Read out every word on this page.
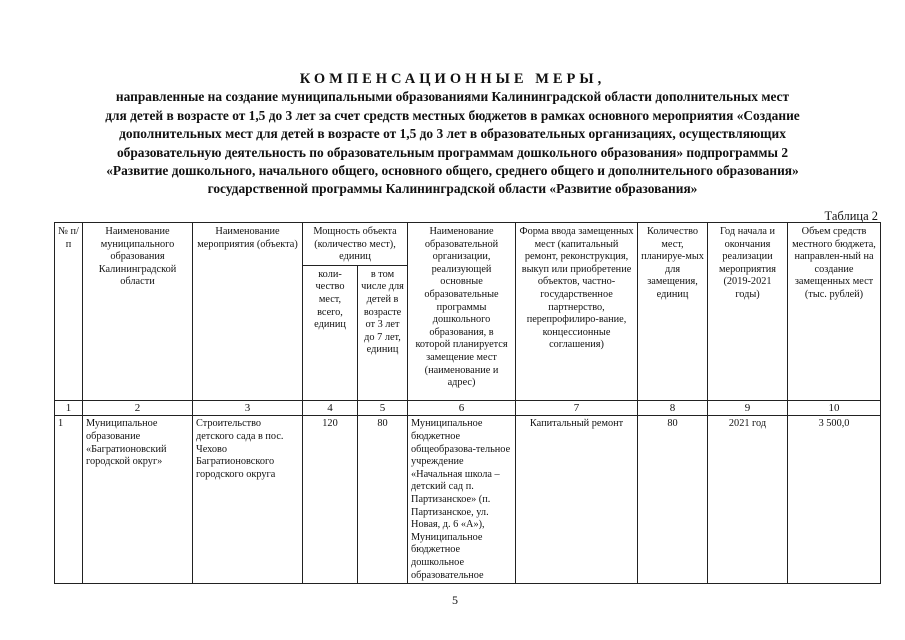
КОМПЕНСАЦИОННЫЕ МЕРЫ,
направленные на создание муниципальными образованиями Калининградской области дополнительных мест
для детей в возрасте от 1,5 до 3 лет за счет средств местных бюджетов в рамках основного мероприятия «Создание
дополнительных мест для детей в возрасте от 1,5 до 3 лет в образовательных организациях, осуществляющих
образовательную деятельность по образовательным программам дошкольного образования» подпрограммы 2
«Развитие дошкольного, начального общего, основного общего, среднего общего и дополнительного образования»
государственной программы Калининградской области «Развитие образования»
Таблица 2
№ п/п	Наименование муниципального образования Калининградской области	Наименование мероприятия (объекта)	Мощность объекта (количество мест), единиц		Наименование образовательной организации, реализующей основные образовательные программы дошкольного образования, в которой планируется замещение мест (наименование и адрес)	Форма ввода замещенных мест (капитальный ремонт, реконструкция, выкуп или приобретение объектов, частно-государственное партнерство, перепрофилиро-вание, концессионные соглашения)	Количество мест, планируе-мых для замещения, единиц	Год начала и окончания реализации мероприятия (2019-2021 годы)	Объем средств местного бюджета, направлен-ный на создание замещенных мест (тыс. рублей)
			коли-чество мест, всего, единиц	в том числе для детей в возрасте от 3 лет до 7 лет, единиц					
1	2	3	4	5	6	7	8	9	10
1	Муниципальное образование «Багратионовский городской округ»	Строительство детского сада в пос. Чехово Багратионовского городского округа	120	80	Муниципальное бюджетное общеобразова-тельное учреждение «Начальная школа – детский сад п. Партизанское» (п. Партизанское, ул. Новая, д. 6 «А»), Муниципальное бюджетное дошкольное образовательное	Капитальный ремонт	80	2021 год	3 500,0
5
